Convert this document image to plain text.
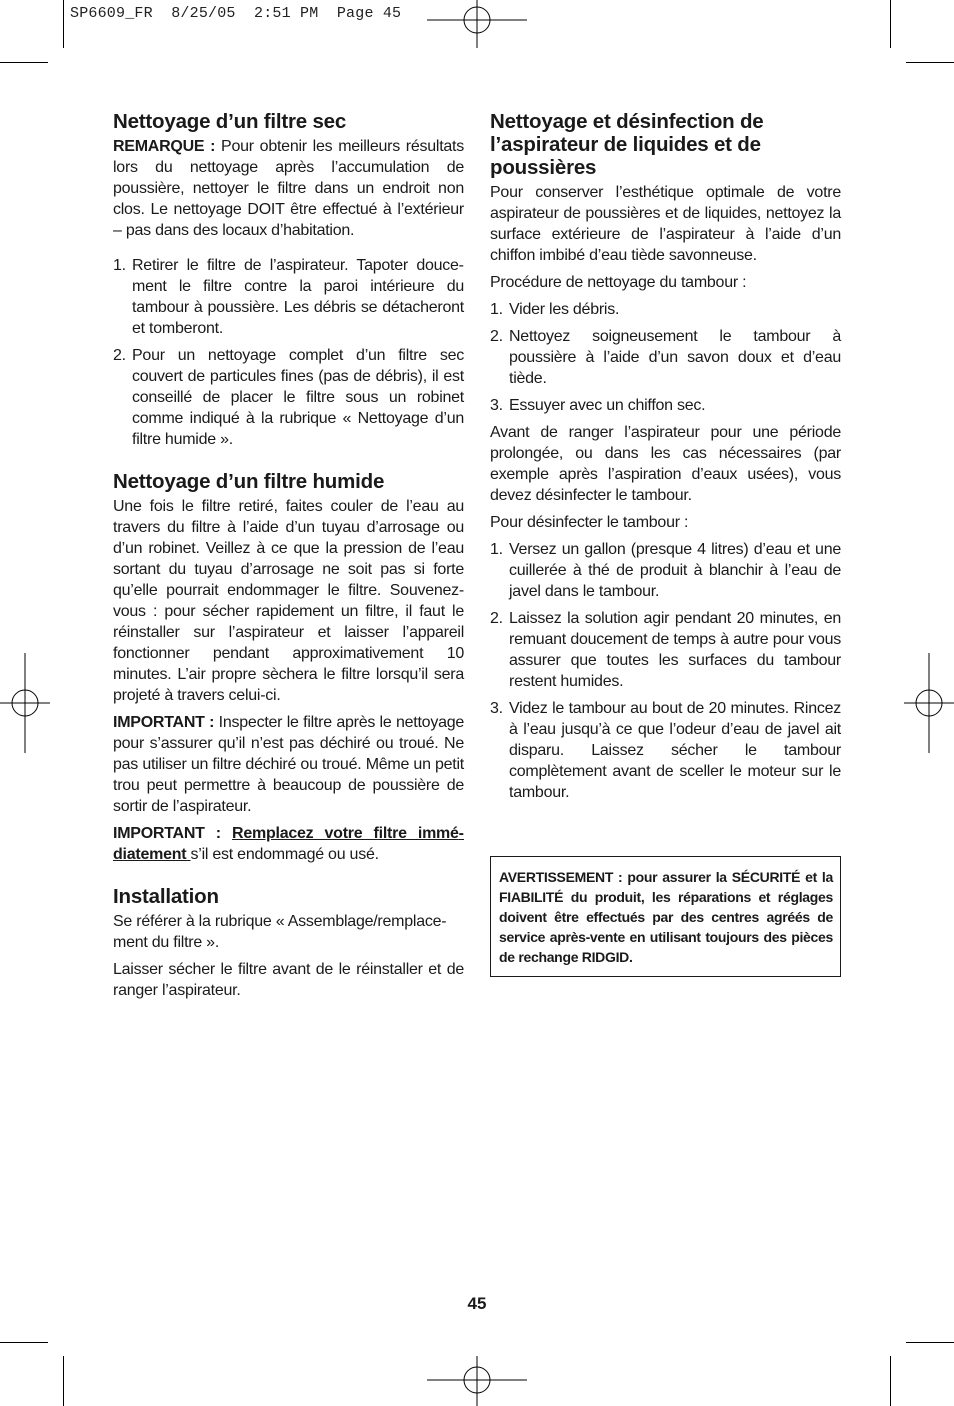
SP6609_FR  8/25/05  2:51 PM  Page 45
Nettoyage d’un filtre sec

REMARQUE : Pour obtenir les meilleurs résultats lors du nettoyage après l’accumulation de poussière, nettoyer le filtre dans un endroit non clos. Le nettoyage DOIT être effectué à l’extérieur – pas dans des locaux d’habitation.

1. Retirer le filtre de l’aspirateur. Tapoter doucement le filtre contre la paroi intérieure du tambour à poussière. Les débris se détacheront et tomberont.
2. Pour un nettoyage complet d’un filtre sec couvert de particules fines (pas de débris), il est conseillé de placer le filtre sous un robinet comme indiqué à la rubrique « Nettoyage d’un filtre humide ».
Nettoyage d’un filtre humide

Une fois le filtre retiré, faites couler de l’eau au travers du filtre à l’aide d’un tuyau d’arrosage ou d’un robinet. Veillez à ce que la pression de l’eau sortant du tuyau d’arrosage ne soit pas si forte qu’elle pourrait endommager le filtre. Souvenez-vous : pour sécher rapidement un filtre, il faut le réinstaller sur l’aspirateur et laisser l’appareil fonctionner pendant approximativement 10 minutes. L’air propre sèchera le filtre lorsqu’il sera projeté à travers celui-ci.

IMPORTANT : Inspecter le filtre après le nettoyage pour s’assurer qu’il n’est pas déchiré ou troué. Ne pas utiliser un filtre déchiré ou troué. Même un petit trou peut permettre à beaucoup de poussière de sortir de l’aspirateur.

IMPORTANT : Remplacez votre filtre immédiatement s’il est endommagé ou usé.

Installation

Se référer à la rubrique « Assemblage/remplacement du filtre ».

Laisser sécher le filtre avant de le réinstaller et de ranger l’aspirateur.

Nettoyage et désinfection de l’aspirateur de liquides et de poussières

Pour conserver l’esthétique optimale de votre aspirateur de poussières et de liquides, nettoyez la surface extérieure de l’aspirateur à l’aide d’un chiffon imbibé d’eau tiède savonneuse.

Procédure de nettoyage du tambour :

1. Vider les débris.
2. Nettoyez soigneusement le tambour à poussière à l’aide d’un savon doux et d’eau tiède.
3. Essuyer avec un chiffon sec.

Avant de ranger l’aspirateur pour une période prolongée, ou dans les cas nécessaires (par exemple après l’aspiration d’eaux usées), vous devez désinfecter le tambour.

Pour désinfecter le tambour :

1. Versez un gallon (presque 4 litres) d’eau et une cuillerée à thé de produit à blanchir à l’eau de javel dans le tambour.
2. Laissez la solution agir pendant 20 minutes, en remuant doucement de temps à autre pour vous assurer que toutes les surfaces du tambour restent humides.
3. Videz le tambour au bout de 20 minutes. Rincez à l’eau jusqu’à ce que l’odeur d’eau de javel ait disparu. Laissez sécher le tambour complètement avant de sceller le moteur sur le tambour.
AVERTISSEMENT : pour assurer la SÉCURITÉ et la FIABILITÉ du produit, les réparations et réglages doivent être effectués par des centres agréés de service après-vente en utilisant toujours des pièces de rechange RIDGID.
45
